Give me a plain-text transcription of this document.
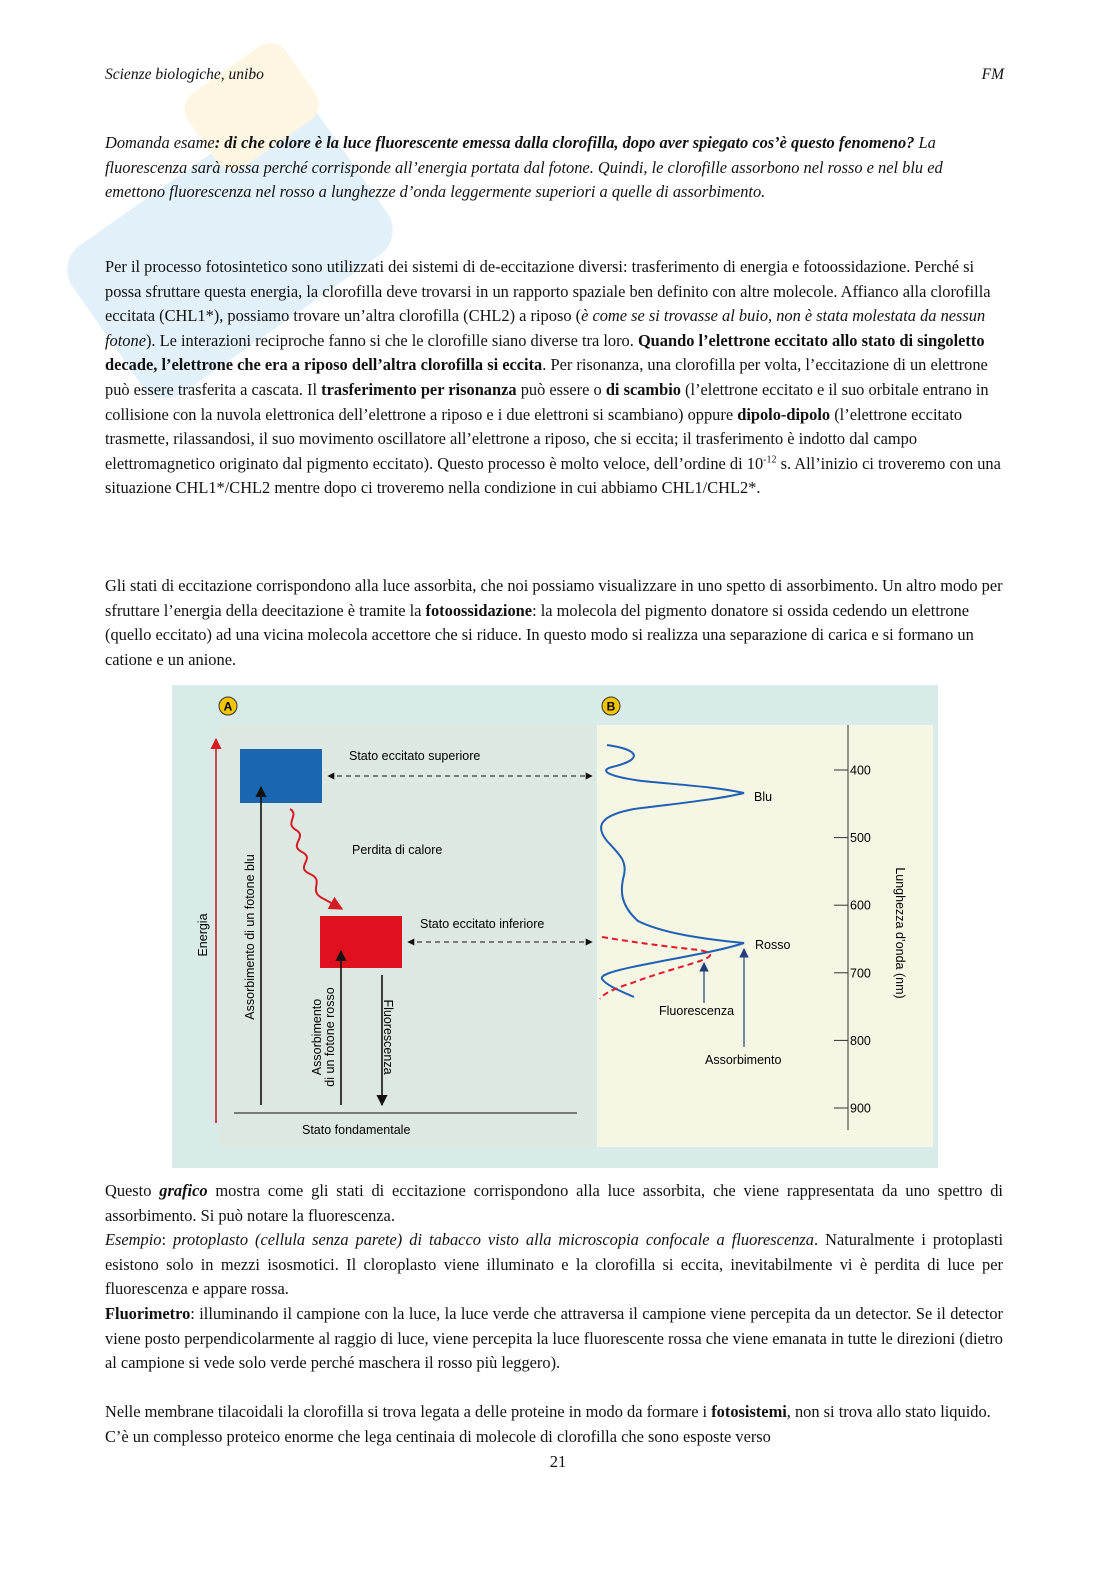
Scienze biologiche, unibo	FM

Domanda esame: di che colore è la luce fluorescente emessa dalla clorofilla, dopo aver spiegato cos’è questo fenomeno? La fluorescenza sarà rossa perché corrisponde all’energia portata dal fotone. Quindi, le clorofille assorbono nel rosso e nel blu ed emettono fluorescenza nel rosso a lunghezze d’onda leggermente superiori a quelle di assorbimento.

Per il processo fotosintetico sono utilizzati dei sistemi di de-eccitazione diversi: trasferimento di energia e fotoossidazione. Perché si possa sfruttare questa energia, la clorofilla deve trovarsi in un rapporto spaziale ben definito con altre molecole. Affianco alla clorofilla eccitata (CHL1*), possiamo trovare un’altra clorofilla (CHL2) a riposo (è come se si trovasse al buio, non è stata molestata da nessun fotone). Le interazioni reciproche fanno si che le clorofille siano diverse tra loro. Quando l’elettrone eccitato allo stato di singoletto decade, l’elettrone che era a riposo dell’altra clorofilla si eccita. Per risonanza, una clorofilla per volta, l’eccitazione di un elettrone può essere trasferita a cascata. Il trasferimento per risonanza può essere o di scambio (l’elettrone eccitato e il suo orbitale entrano in collisione con la nuvola elettronica dell’elettrone a riposo e i due elettroni si scambiano) oppure dipolo-dipolo (l’elettrone eccitato trasmette, rilassandosi, il suo movimento oscillatore all’elettrone a riposo, che si eccita; il trasferimento è indotto dal campo elettromagnetico originato dal pigmento eccitato). Questo processo è molto veloce, dell’ordine di $10^{-12}$ s. All’inizio ci troveremo con una situazione CHL1*/CHL2 mentre dopo ci troveremo nella condizione in cui abbiamo CHL1/CHL2*.

Gli stati di eccitazione corrispondono alla luce assorbita, che noi possiamo visualizzare in uno spetto di assorbimento. Un altro modo per sfruttare l’energia della deecitazione è tramite la fotoossidazione: la molecola del pigmento donatore si ossida cedendo un elettrone (quello eccitato) ad una vicina molecola accettore che si riduce. In questo modo si realizza una separazione di carica e si formano un catione e un anione.

A	B
Energia
Stato eccitato superiore
Perdita di calore
Stato eccitato inferiore
Stato fondamentale
Assorbimento di un fotone blu
Assorbimento di un fotone rosso	Fluorescenza
Blu
Rosso
Fluorescenza
Assorbimento
400
500
600
700
800
900
Lunghezza d’onda (nm)

Questo grafico mostra come gli stati di eccitazione corrispondono alla luce assorbita, che viene rappresentata da uno spettro di assorbimento. Si può notare la fluorescenza.
Esempio: protoplasto (cellula senza parete) di tabacco visto alla microscopia confocale a fluorescenza. Naturalmente i protoplasti esistono solo in mezzi isosmotici. Il cloroplasto viene illuminato e la clorofilla si eccita, inevitabilmente vi è perdita di luce per fluorescenza e appare rossa.
Fluorimetro: illuminando il campione con la luce, la luce verde che attraversa il campione viene percepita da un detector. Se il detector viene posto perpendicolarmente al raggio di luce, viene percepita la luce fluorescente rossa che viene emanata in tutte le direzioni (dietro al campione si vede solo verde perché maschera il rosso più leggero).

Nelle membrane tilacoidali la clorofilla si trova legata a delle proteine in modo da formare i fotosistemi, non si trova allo stato liquido. C’è un complesso proteico enorme che lega centinaia di molecole di clorofilla che sono esposte verso

21
